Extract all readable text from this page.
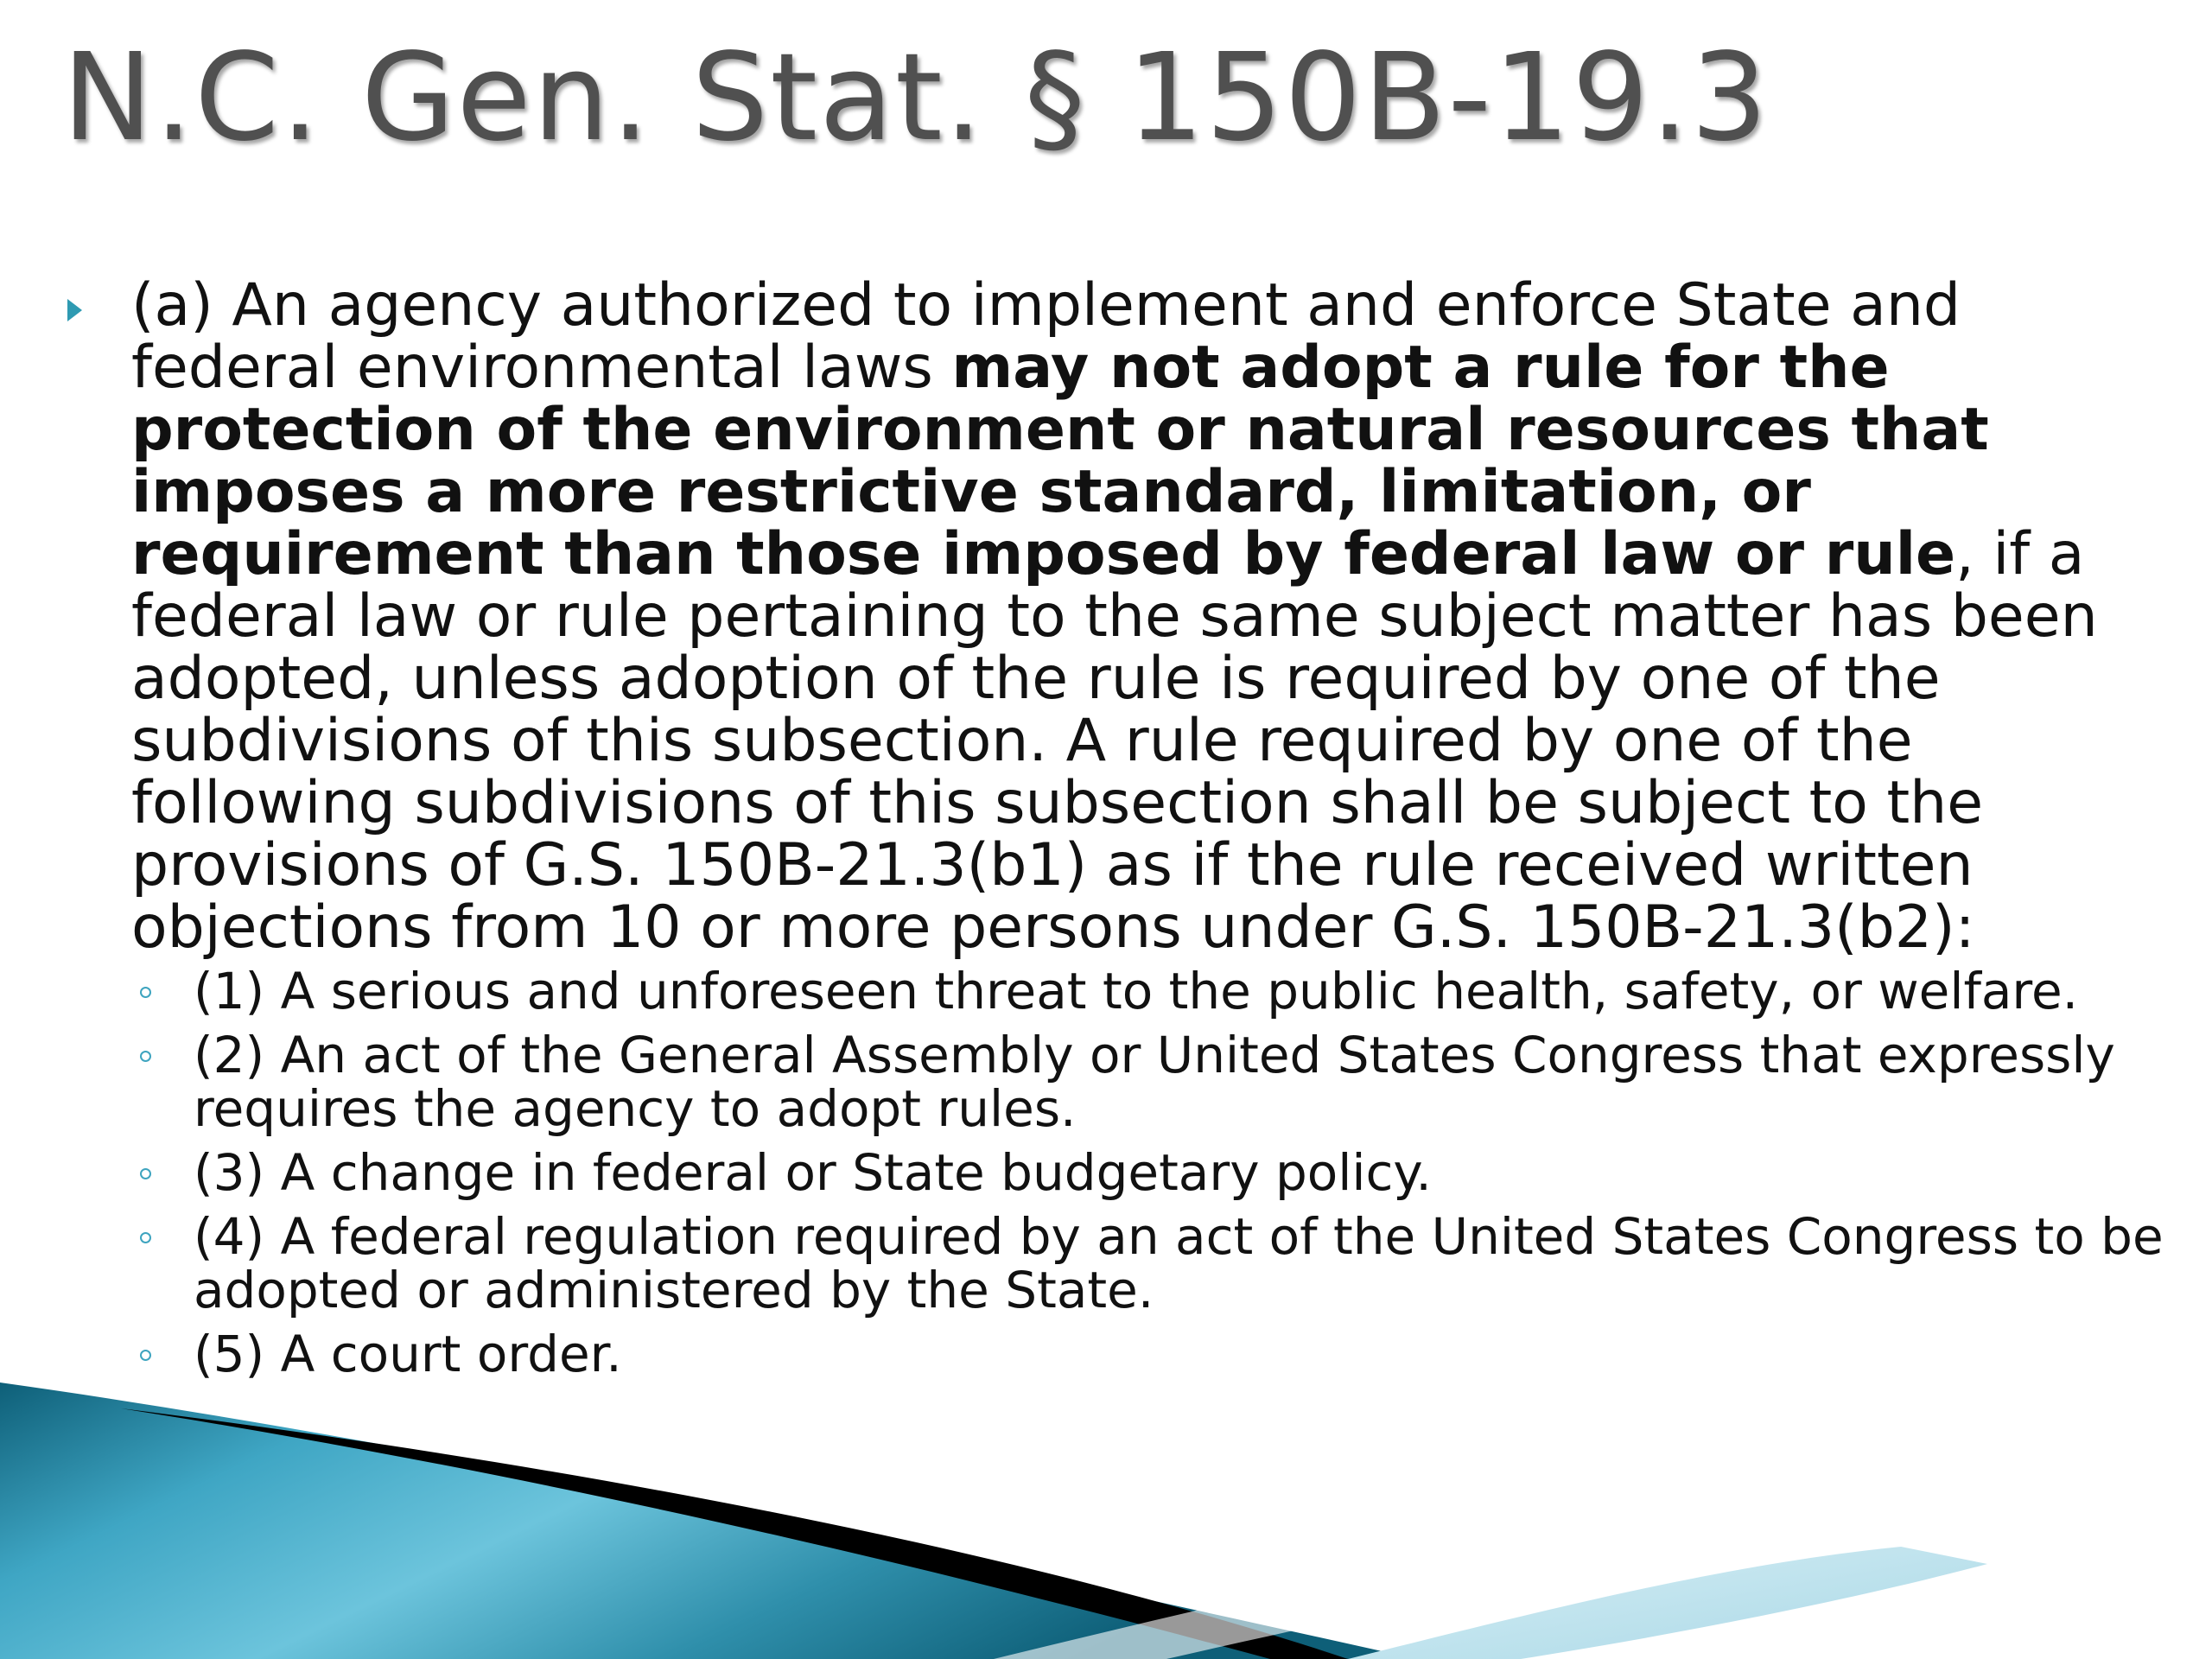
N.C. Gen. Stat. § 150B-19.3
(a) An agency authorized to implement and enforce State and federal environmental laws may not adopt a rule for the protection of the environment or natural resources that imposes a more restrictive standard, limitation, or requirement than those imposed by federal law or rule, if a federal law or rule pertaining to the same subject matter has been adopted, unless adoption of the rule is required by one of the subdivisions of this subsection. A rule required by one of the following subdivisions of this subsection shall be subject to the provisions of G.S. 150B-21.3(b1) as if the rule received written objections from 10 or more persons under G.S. 150B-21.3(b2):
(1) A serious and unforeseen threat to the public health, safety, or welfare.
(2) An act of the General Assembly or United States Congress that expressly requires the agency to adopt rules.
(3) A change in federal or State budgetary policy.
(4) A federal regulation required by an act of the United States Congress to be adopted or administered by the State.
(5) A court order.
